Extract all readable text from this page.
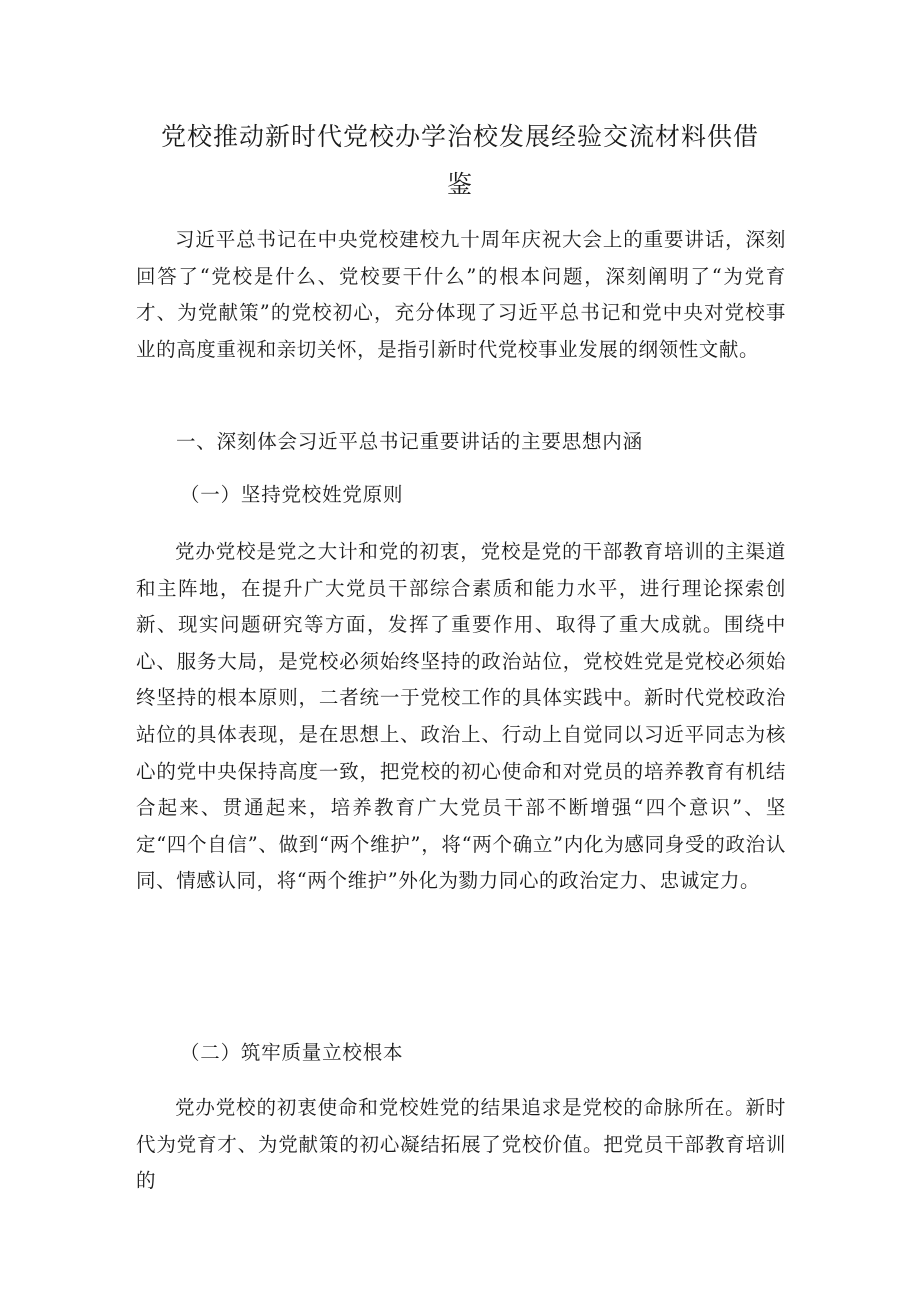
党校推动新时代党校办学治校发展经验交流材料供借鉴

习近平总书记在中央党校建校九十周年庆祝大会上的重要讲话，深刻回答了“党校是什么、党校要干什么”的根本问题，深刻阐明了“为党育才、为党献策”的党校初心，充分体现了习近平总书记和党中央对党校事业的高度重视和亲切关怀，是指引新时代党校事业发展的纲领性文献。

一、深刻体会习近平总书记重要讲话的主要思想内涵
（一）坚持党校姓党原则

党办党校是党之大计和党的初衷，党校是党的干部教育培训的主渠道和主阵地，在提升广大党员干部综合素质和能力水平，进行理论探索创新、现实问题研究等方面，发挥了重要作用、取得了重大成就。围绕中心、服务大局，是党校必须始终坚持的政治站位，党校姓党是党校必须始终坚持的根本原则，二者统一于党校工作的具体实践中。新时代党校政治站位的具体表现，是在思想上、政治上、行动上自觉同以习近平同志为核心的党中央保持高度一致，把党校的初心使命和对党员的培养教育有机结合起来、贯通起来，培养教育广大党员干部不断增强“四个意识”、坚定“四个自信”、做到“两个维护”，将“两个确立”内化为感同身受的政治认同、情感认同，将“两个维护”外化为勠力同心的政治定力、忠诚定力。

（二）筑牢质量立校根本

党办党校的初衷使命和党校姓党的结果追求是党校的命脉所在。新时代为党育才、为党献策的初心凝结拓展了党校价值。把党员干部教育培训的
